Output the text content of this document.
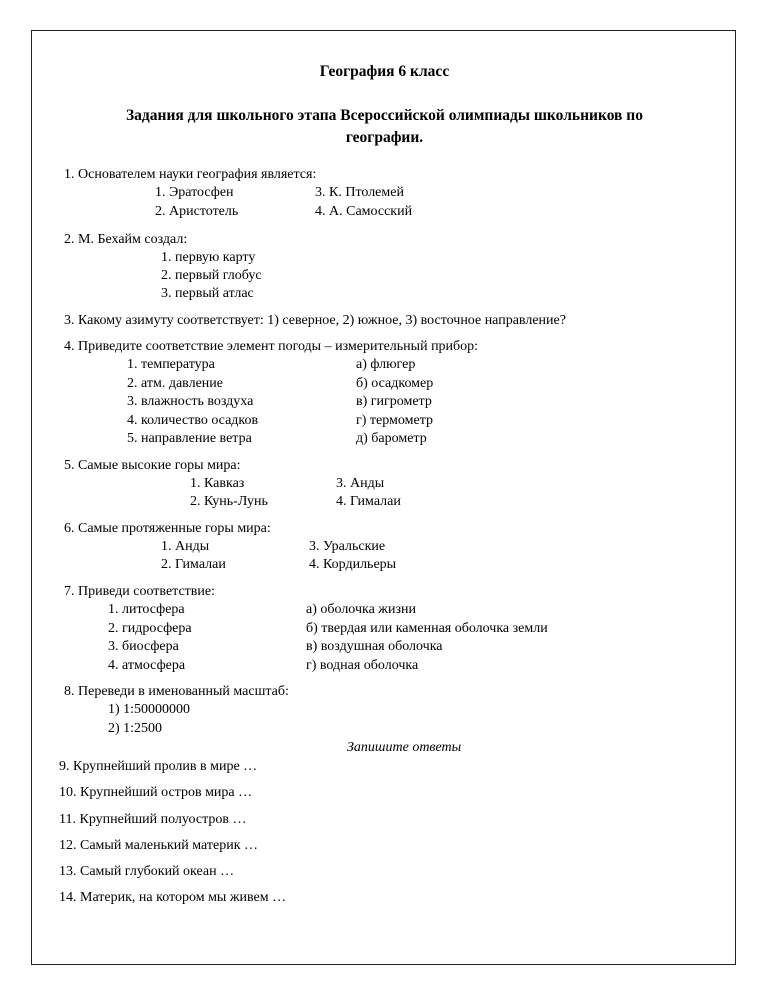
География 6 класс
Задания для школьного этапа Всероссийской олимпиады школьников по
географии.
1. Основателем науки география является:
1. Эратосфен
2. Аристотель
3. К. Птолемей
4. А. Самосский
2. М. Бехайм создал:
1. первую карту
2. первый глобус
3. первый атлас
3. Какому азимуту соответствует: 1) северное, 2) южное, 3) восточное направление?
4. Приведите соответствие элемент погоды – измерительный прибор:
1. температура
2. атм. давление
3. влажность воздуха
4. количество осадков
5. направление ветра
а) флюгер
б) осадкомер
в) гигрометр
г) термометр
д) барометр
5. Самые высокие горы мира:
1. Кавказ
2. Кунь-Лунь
3. Анды
4. Гималаи
6. Самые протяженные горы мира:
1. Анды
2. Гималаи
3. Уральские
4. Кордильеры
7. Приведи соответствие:
1. литосфера
2. гидросфера
3. биосфера
4. атмосфера
а) оболочка жизни
б) твердая или каменная оболочка земли
в) воздушная оболочка
г) водная оболочка
8. Переведи в именованный масштаб:
1) 1:50000000
2) 1:2500
Запишите ответы
9. Крупнейший пролив в мире …
10. Крупнейший остров мира …
11. Крупнейший полуостров …
12. Самый маленький материк …
13. Самый глубокий океан …
14. Материк, на котором мы живем …
